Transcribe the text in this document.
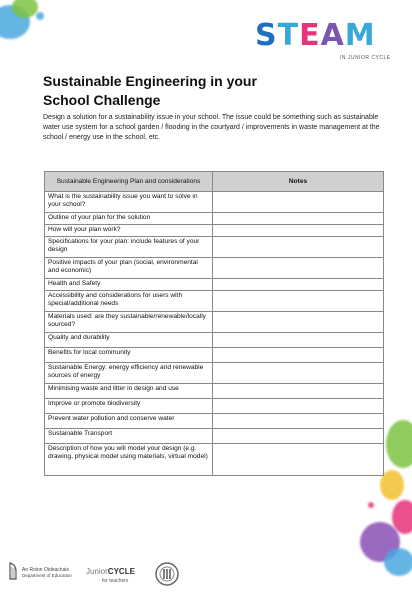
STEAM
IN JUNIOR CYCLE
Sustainable Engineering in your School Challenge
Design a solution for a sustainability issue in your school. The issue could be something such as sustainable water use system for a school garden / flooding in the courtyard / improvements in waste management at the school / energy use in the school, etc.
Sustainable Engineering Plan and considerations	Notes
What is the sustainability issue you want to solve in your school?	
Outline of your plan for the solution	
How will your plan work?	
Specifications for your plan: include features of your design	
Positive impacts of your plan (social, environmental and economic)	
Health and Safety	
Accessibility and considerations for users with special/additional needs	
Materials used: are they sustainable/renewable/locally sourced?	
Quality and durability	
Benefits for local community	
Sustainable Energy: energy efficiency and renewable sources of energy	
Minimising waste and litter in design and use	
Improve or promote biodiversity	
Prevent water pollution and conserve water	
Sustainable Transport	
Description of how you will model your design (e.g. drawing, physical model using materials, virtual model)	
An Roinn Oideachais
Department of Education JuniorCYCLE
for teachers
